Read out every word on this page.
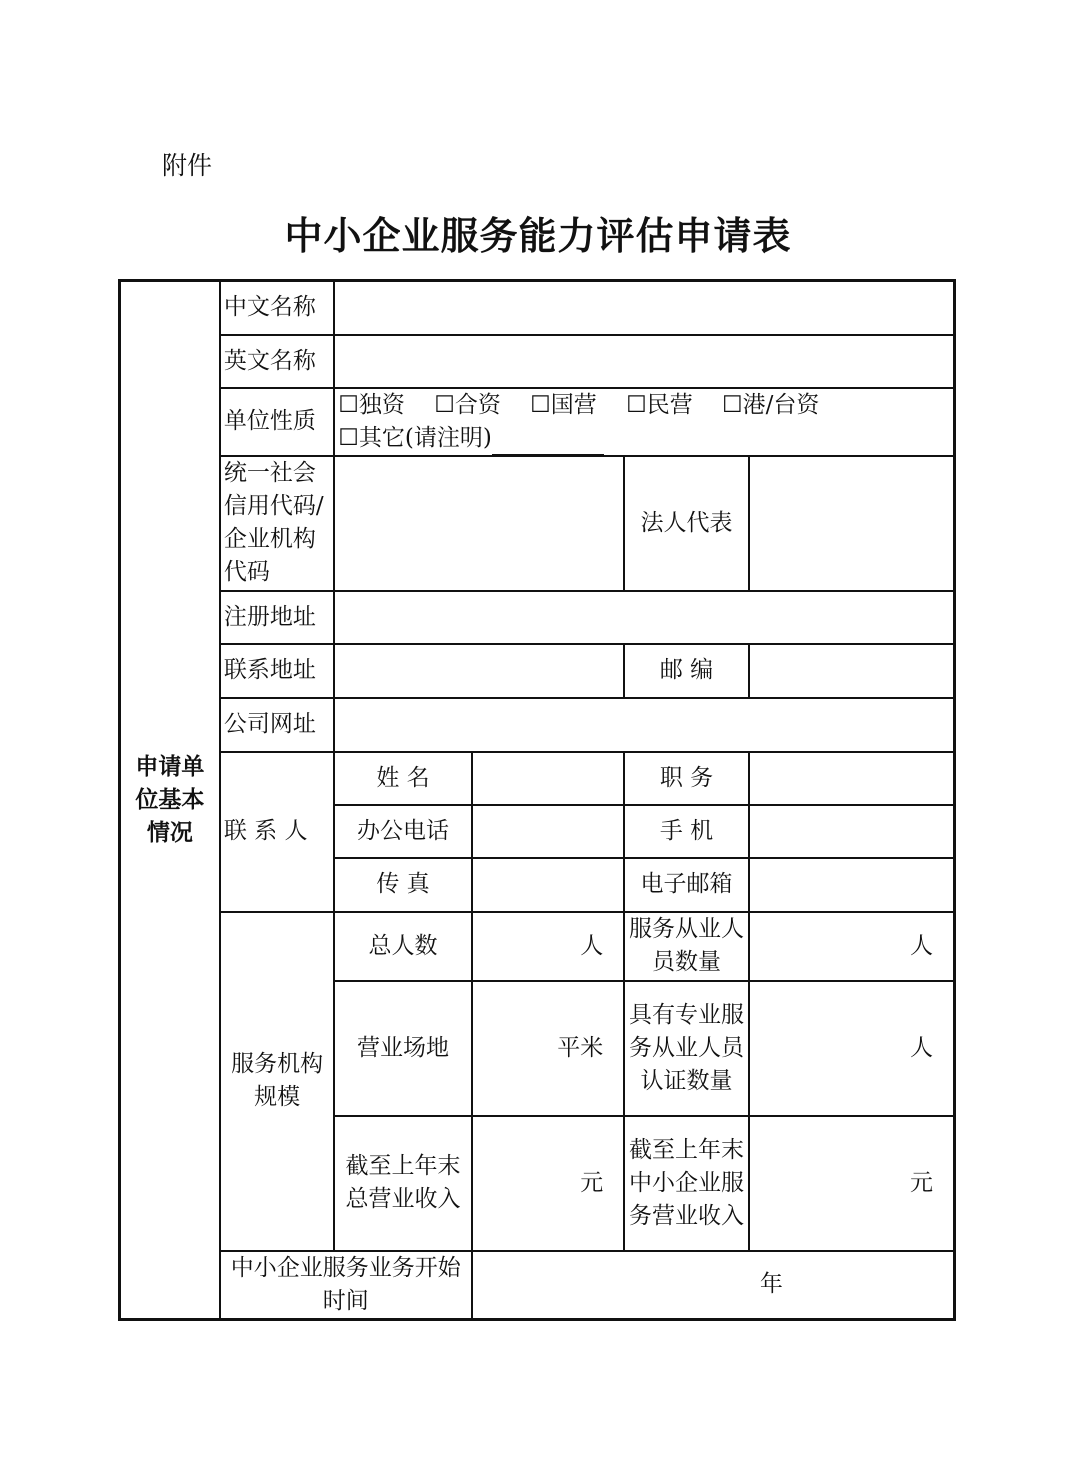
附件
中小企业服务能力评估申请表
申请单位基本情况	中文名称				
	英文名称				
	单位性质	☐独资 ☐合资 ☐国营 ☐民营 ☐港/台资
☐其它(请注明)			

	统一社会信用代码/企业机构代码			法人代表	
	注册地址				
	联系地址			邮 编	
	公司网址				
	联 系 人	姓 名		职 务	
		办公电话		手 机	
		传 真		电子邮箱	
	服务机构规模	总人数	人	服务从业人员数量	人
		营业场地	平米	具有专业服务从业人员认证数量	人
		截至上年末总营业收入	元	截至上年末中小企业服务营业收入	元
	中小企业服务业务开始时间		年		
